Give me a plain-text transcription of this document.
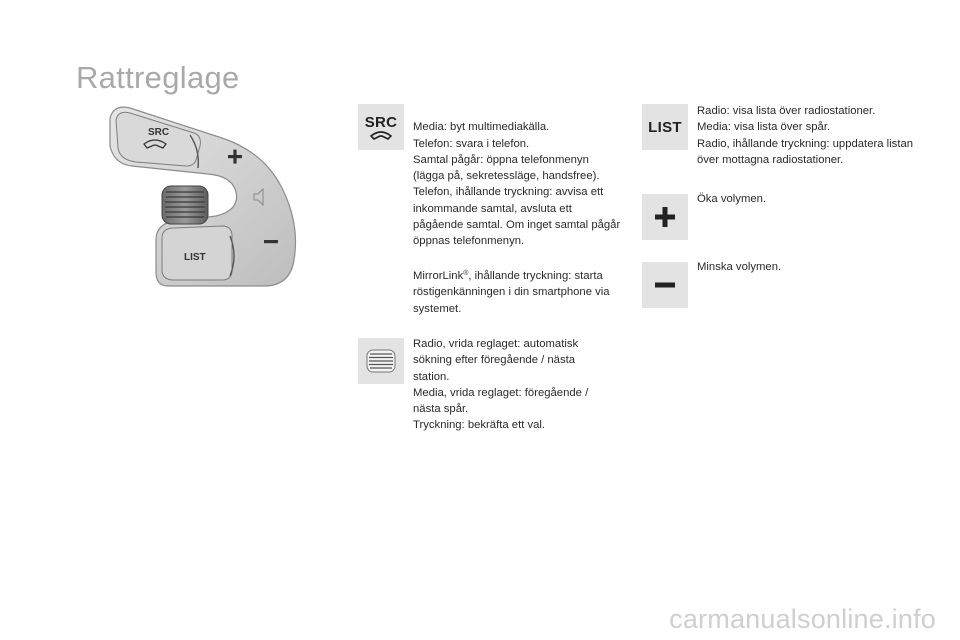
Rattreglage
SRC
LIST
SRC Media: byt multimediakälla.
Telefon: svara i telefon.
Samtal pågår: öppna telefonmenyn (lägga på, sekretessläge, handsfree).
Telefon, ihållande tryckning: avvisa ett inkommande samtal, avsluta ett pågående samtal. Om inget samtal pågår öppnas telefonmenyn.

MirrorLink®, ihållande tryckning: starta röstigenkänningen i din smartphone via systemet.

Radio, vrida reglaget: automatisk sökning efter föregående / nästa station.
Media, vrida reglaget: föregående / nästa spår.
Tryckning: bekräfta ett val.
LIST
Radio: visa lista över radiostationer.
Media: visa lista över spår.
Radio, ihållande tryckning: uppdatera listan över mottagna radiostationer.
Öka volymen.
Minska volymen.
carmanualsonline.info
